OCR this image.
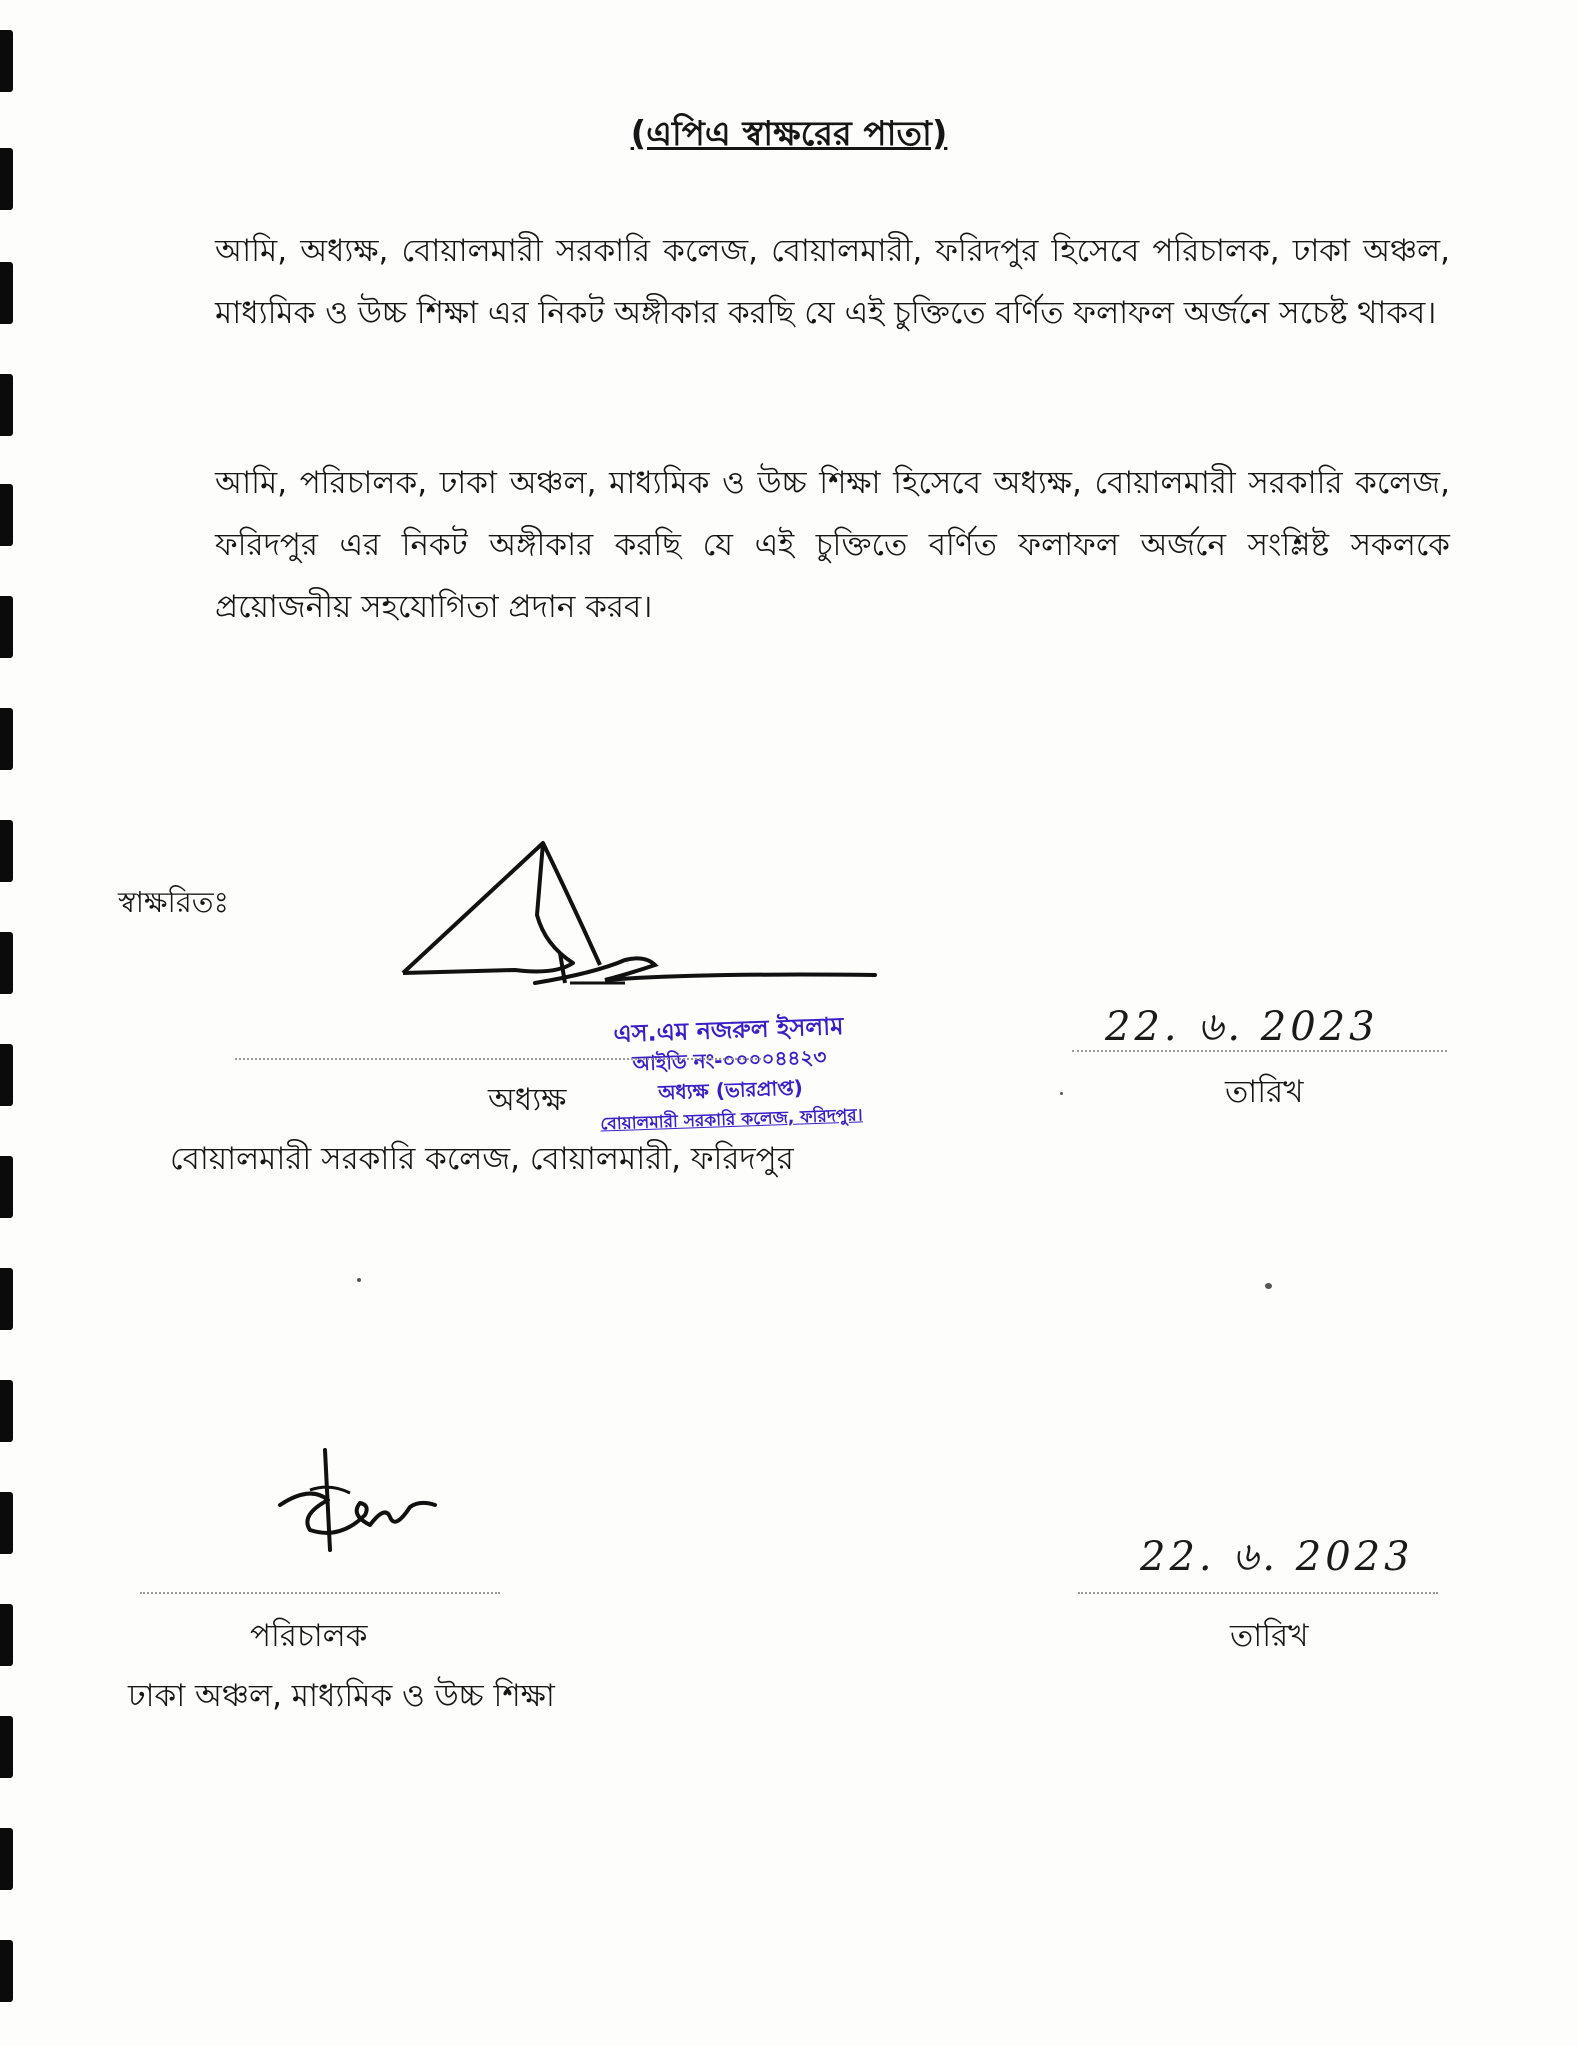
(এপিএ স্বাক্ষরের পাতা)
আমি, অধ্যক্ষ, বোয়ালমারী সরকারি কলেজ, বোয়ালমারী, ফরিদপুর হিসেবে পরিচালক, ঢাকা অঞ্চল, মাধ্যমিক ও উচ্চ শিক্ষা এর নিকট অঙ্গীকার করছি যে এই চুক্তিতে বর্ণিত ফলাফল অর্জনে সচেষ্ট থাকব।
আমি, পরিচালক, ঢাকা অঞ্চল, মাধ্যমিক ও উচ্চ শিক্ষা হিসেবে অধ্যক্ষ, বোয়ালমারী সরকারি কলেজ, ফরিদপুর এর নিকট অঙ্গীকার করছি যে এই চুক্তিতে বর্ণিত ফলাফল অর্জনে সংশ্লিষ্ট সকলকে প্রয়োজনীয় সহযোগিতা প্রদান করব।
স্বাক্ষরিতঃ
এস.এম নজরুল ইসলাম
আইডি নং-০০০০৪৪২৩
অধ্যক্ষ (ভারপ্রাপ্ত)
বোয়ালমারী সরকারি কলেজ, ফরিদপুর।
অধ্যক্ষ
বোয়ালমারী সরকারি কলেজ, বোয়ালমারী, ফরিদপুর
22. ৬. 2023
তারিখ
পরিচালক
ঢাকা অঞ্চল, মাধ্যমিক ও উচ্চ শিক্ষা
22. ৬. 2023
তারিখ
